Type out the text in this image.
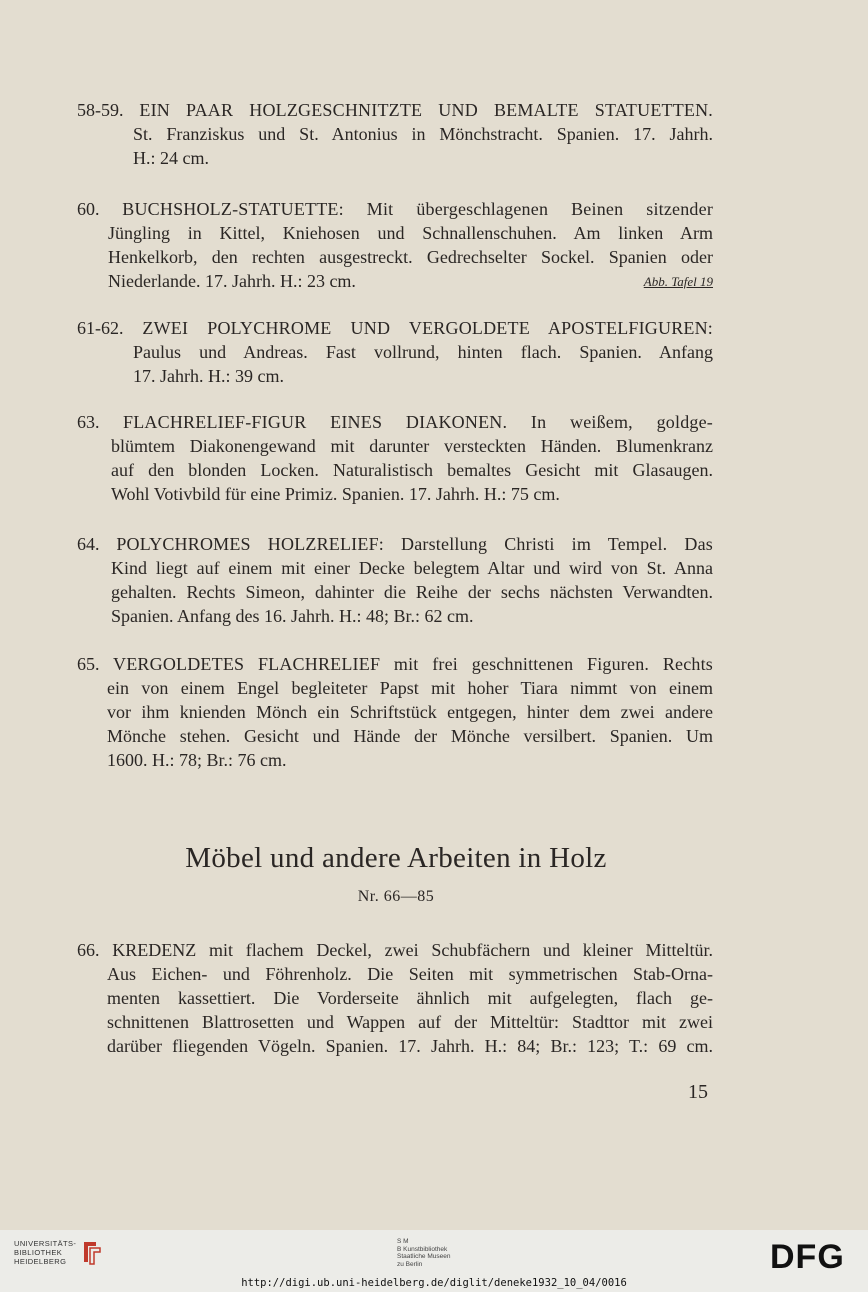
58-59. EIN PAAR HOLZGESCHNITZTE UND BEMALTE STATUETTEN.
St. Franziskus und St. Antonius in Mönchstracht. Spanien. 17. Jahrh.
H.: 24 cm.
60. BUCHSHOLZ-STATUETTE: Mit übergeschlagenen Beinen sitzender
Jüngling in Kittel, Kniehosen und Schnallenschuhen. Am linken Arm
Henkelkorb, den rechten ausgestreckt. Gedrechselter Sockel. Spanien oder
Niederlande. 17. Jahrh. H.: 23 cm.	Abb. Tafel 19
61-62. ZWEI POLYCHROME UND VERGOLDETE APOSTELFIGUREN:
Paulus und Andreas. Fast vollrund, hinten flach. Spanien. Anfang
17. Jahrh. H.: 39 cm.
63. FLACHRELIEF-FIGUR EINES DIAKONEN. In weißem, goldge-
blümtem Diakonengewand mit darunter versteckten Händen. Blumenkranz
auf den blonden Locken. Naturalistisch bemaltes Gesicht mit Glasaugen.
Wohl Votivbild für eine Primiz. Spanien. 17. Jahrh. H.: 75 cm.
64. POLYCHROMES HOLZRELIEF: Darstellung Christi im Tempel. Das
Kind liegt auf einem mit einer Decke belegtem Altar und wird von St. Anna
gehalten. Rechts Simeon, dahinter die Reihe der sechs nächsten Verwandten.
Spanien. Anfang des 16. Jahrh. H.: 48; Br.: 62 cm.
65. VERGOLDETES FLACHRELIEF mit frei geschnittenen Figuren. Rechts
ein von einem Engel begleiteter Papst mit hoher Tiara nimmt von einem
vor ihm knienden Mönch ein Schriftstück entgegen, hinter dem zwei andere
Mönche stehen. Gesicht und Hände der Mönche versilbert. Spanien. Um
1600. H.: 78; Br.: 76 cm.
Möbel und andere Arbeiten in Holz
Nr. 66—85
66. KREDENZ mit flachem Deckel, zwei Schubfächern und kleiner Mitteltür.
Aus Eichen- und Föhrenholz. Die Seiten mit symmetrischen Stab-Orna-
menten kassettiert. Die Vorderseite ähnlich mit aufgelegten, flach ge-
schnittenen Blattrosetten und Wappen auf der Mitteltür: Stadttor mit zwei
darüber fliegenden Vögeln. Spanien. 17. Jahrh. H.: 84; Br.: 123; T.: 69 cm.
15
UNIVERSITÄTS-
BIBLIOTHEK
HEIDELBERG
S M
B Kunstbibliothek
Staatliche Museen
zu Berlin	DFG
http://digi.ub.uni-heidelberg.de/diglit/deneke1932_10_04/0016
